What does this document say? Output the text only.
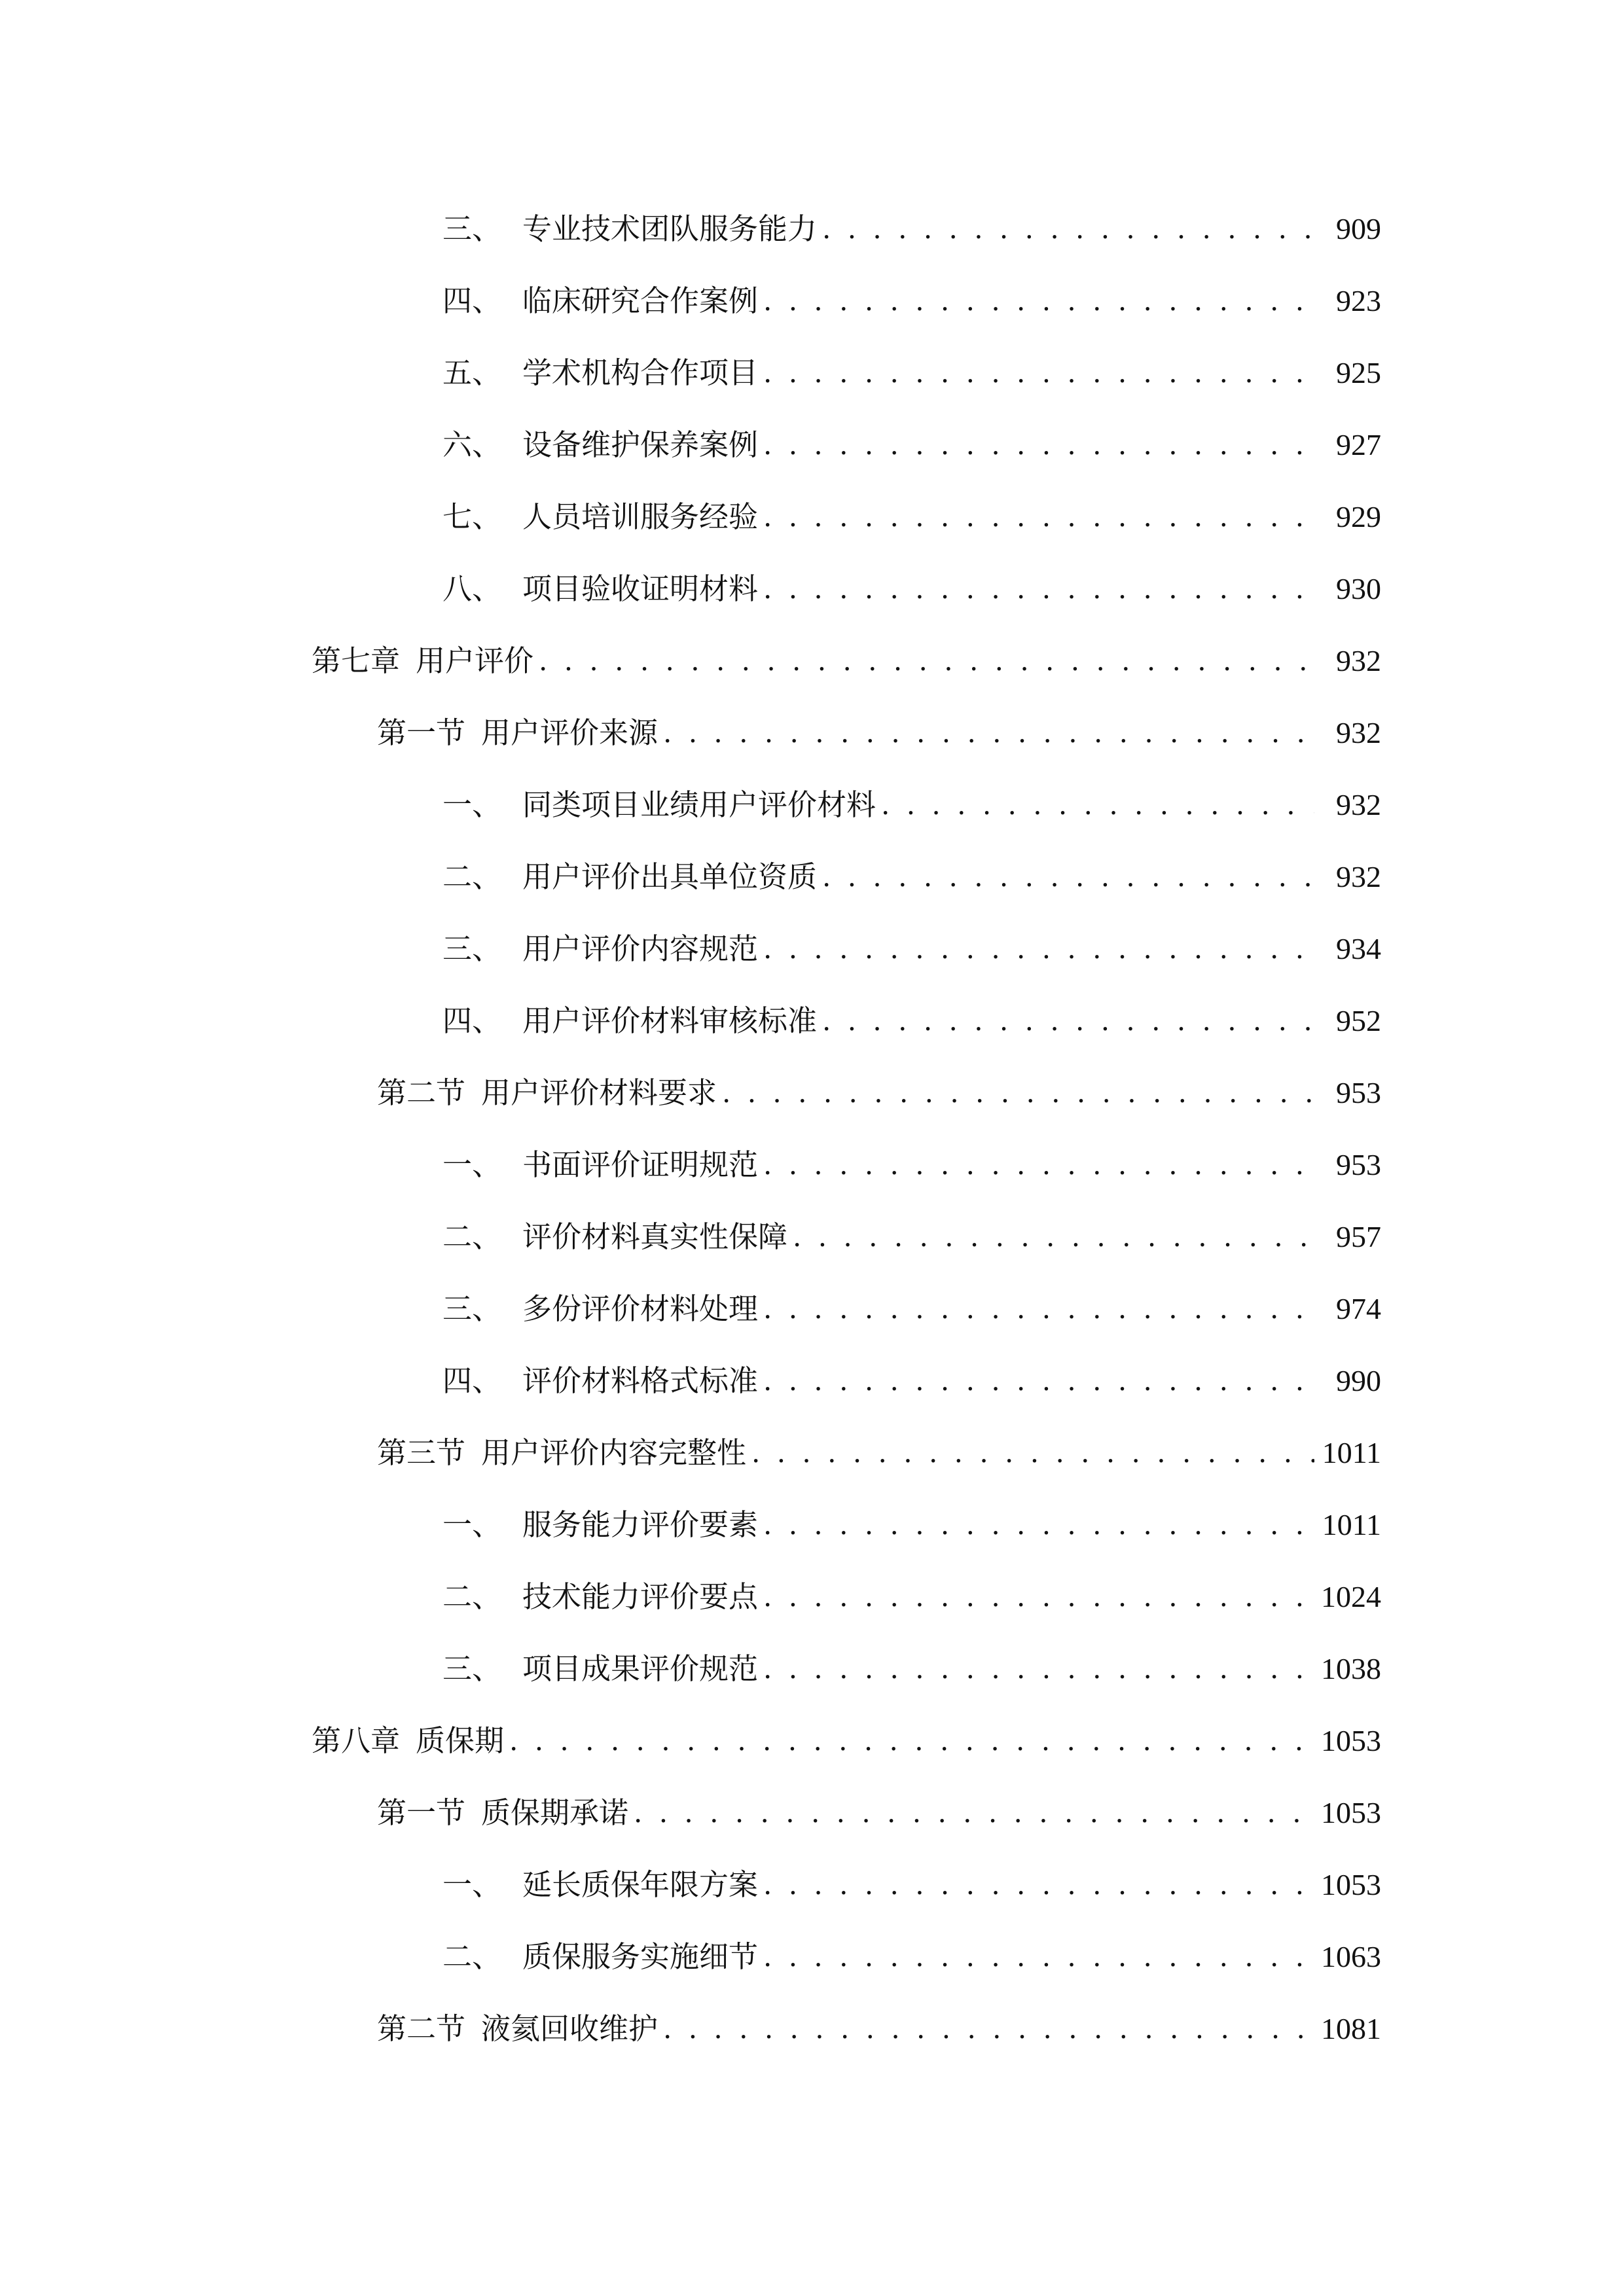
三、 专业技术团队服务能力 . . .	909
四、 临床研究合作案例 . . .	923
五、 学术机构合作项目 . . .	925
六、 设备维护保养案例 . . .	927
七、 人员培训服务经验 . . .	929
八、 项目验收证明材料 . . .	930
第七章 用户评价 . . .	932
第一节 用户评价来源 . . .	932
一、 同类项目业绩用户评价材料 . . .	932
二、 用户评价出具单位资质 . . .	932
三、 用户评价内容规范 . . .	934
四、 用户评价材料审核标准 . . .	952
第二节 用户评价材料要求 . . .	953
一、 书面评价证明规范 . . .	953
二、 评价材料真实性保障 . . .	957
三、 多份评价材料处理 . . .	974
四、 评价材料格式标准 . . .	990
第三节 用户评价内容完整性 . . .	1011
一、 服务能力评价要素 . . .	1011
二、 技术能力评价要点 . . .	1024
三、 项目成果评价规范 . . .	1038
第八章 质保期 . . .	1053
第一节 质保期承诺 . . .	1053
一、 延长质保年限方案 . . .	1053
二、 质保服务实施细节 . . .	1063
第二节 液氦回收维护 . . .	1081
